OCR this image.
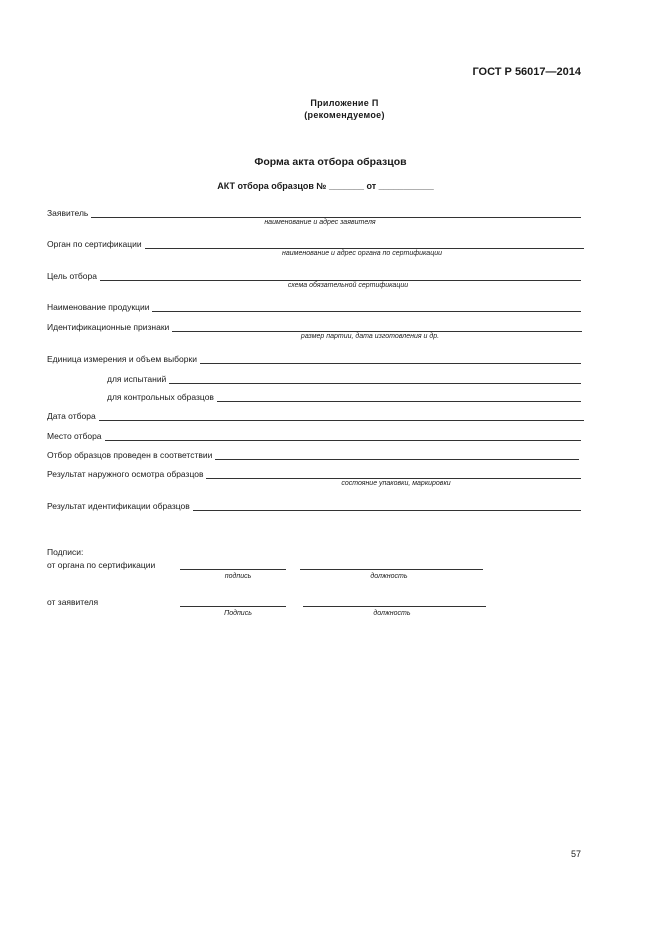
ГОСТ Р 56017—2014
Приложение П
(рекомендуемое)
Форма акта отбора образцов
АКТ отбора образцов № _______ от ___________
Заявитель
наименование и адрес заявителя
Орган по сертификации
наименование и адрес органа по сертификации
Цель отбора
схема обязательной сертификации
Наименование продукции
Идентификационные признаки
размер партии, дата изготовления и др.
Единица измерения и объем выборки
для испытаний
для контрольных образцов
Дата отбора
Место отбора
Отбор образцов проведен в соответствии
Результат наружного осмотра образцов
состояние упаковки, маркировки
Результат идентификации образцов
Подписи:
от органа по сертификации
подпись	должность
от заявителя
Подпись	должность
57
